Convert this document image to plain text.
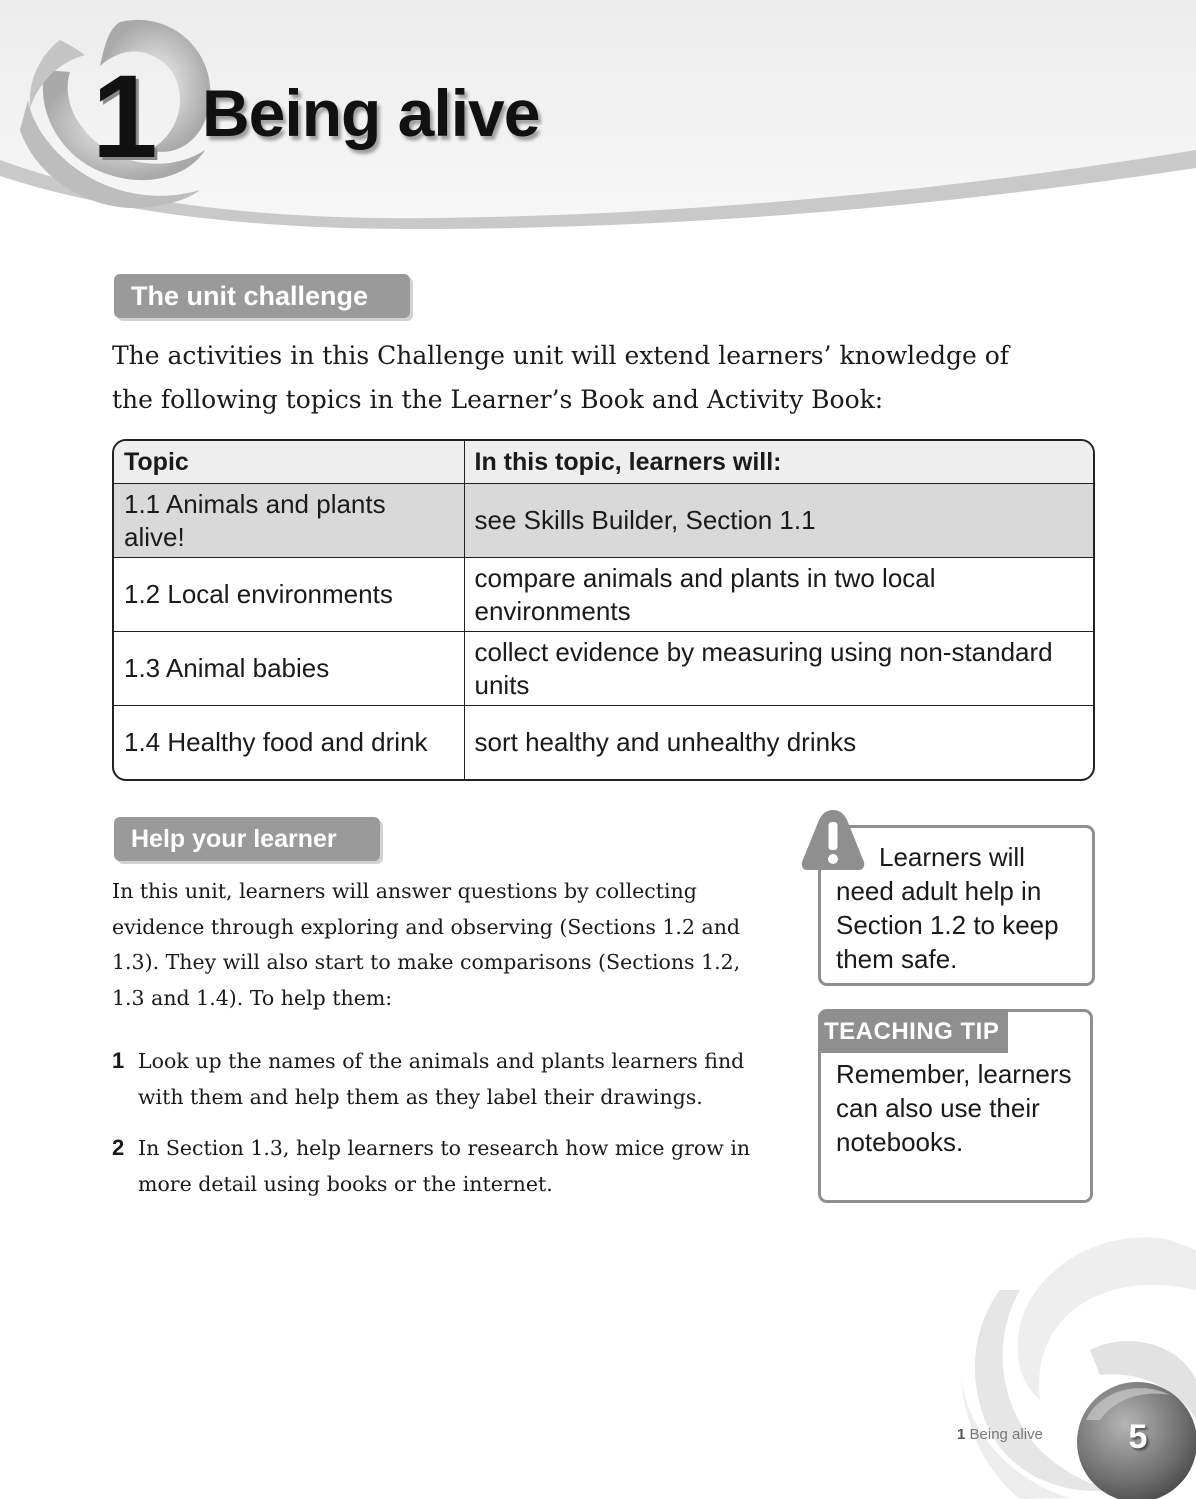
1 Being alive
The unit challenge
The activities in this Challenge unit will extend learners’ knowledge of the following topics in the Learner’s Book and Activity Book:
Topic	In this topic, learners will:
1.1 Animals and plants alive!	see Skills Builder, Section 1.1
1.2 Local environments	compare animals and plants in two local environments
1.3 Animal babies	collect evidence by measuring using non-standard units
1.4 Healthy food and drink	sort healthy and unhealthy drinks
Help your learner
In this unit, learners will answer questions by collecting evidence through exploring and observing (Sections 1.2 and 1.3). They will also start to make comparisons (Sections 1.2, 1.3 and 1.4). To help them:
1 Look up the names of the animals and plants learners find with them and help them as they label their drawings.
2 In Section 1.3, help learners to research how mice grow in more detail using books or the internet.
Learners will need adult help in Section 1.2 to keep them safe.
TEACHING TIP
Remember, learners can also use their notebooks.
1 Being alive	5
